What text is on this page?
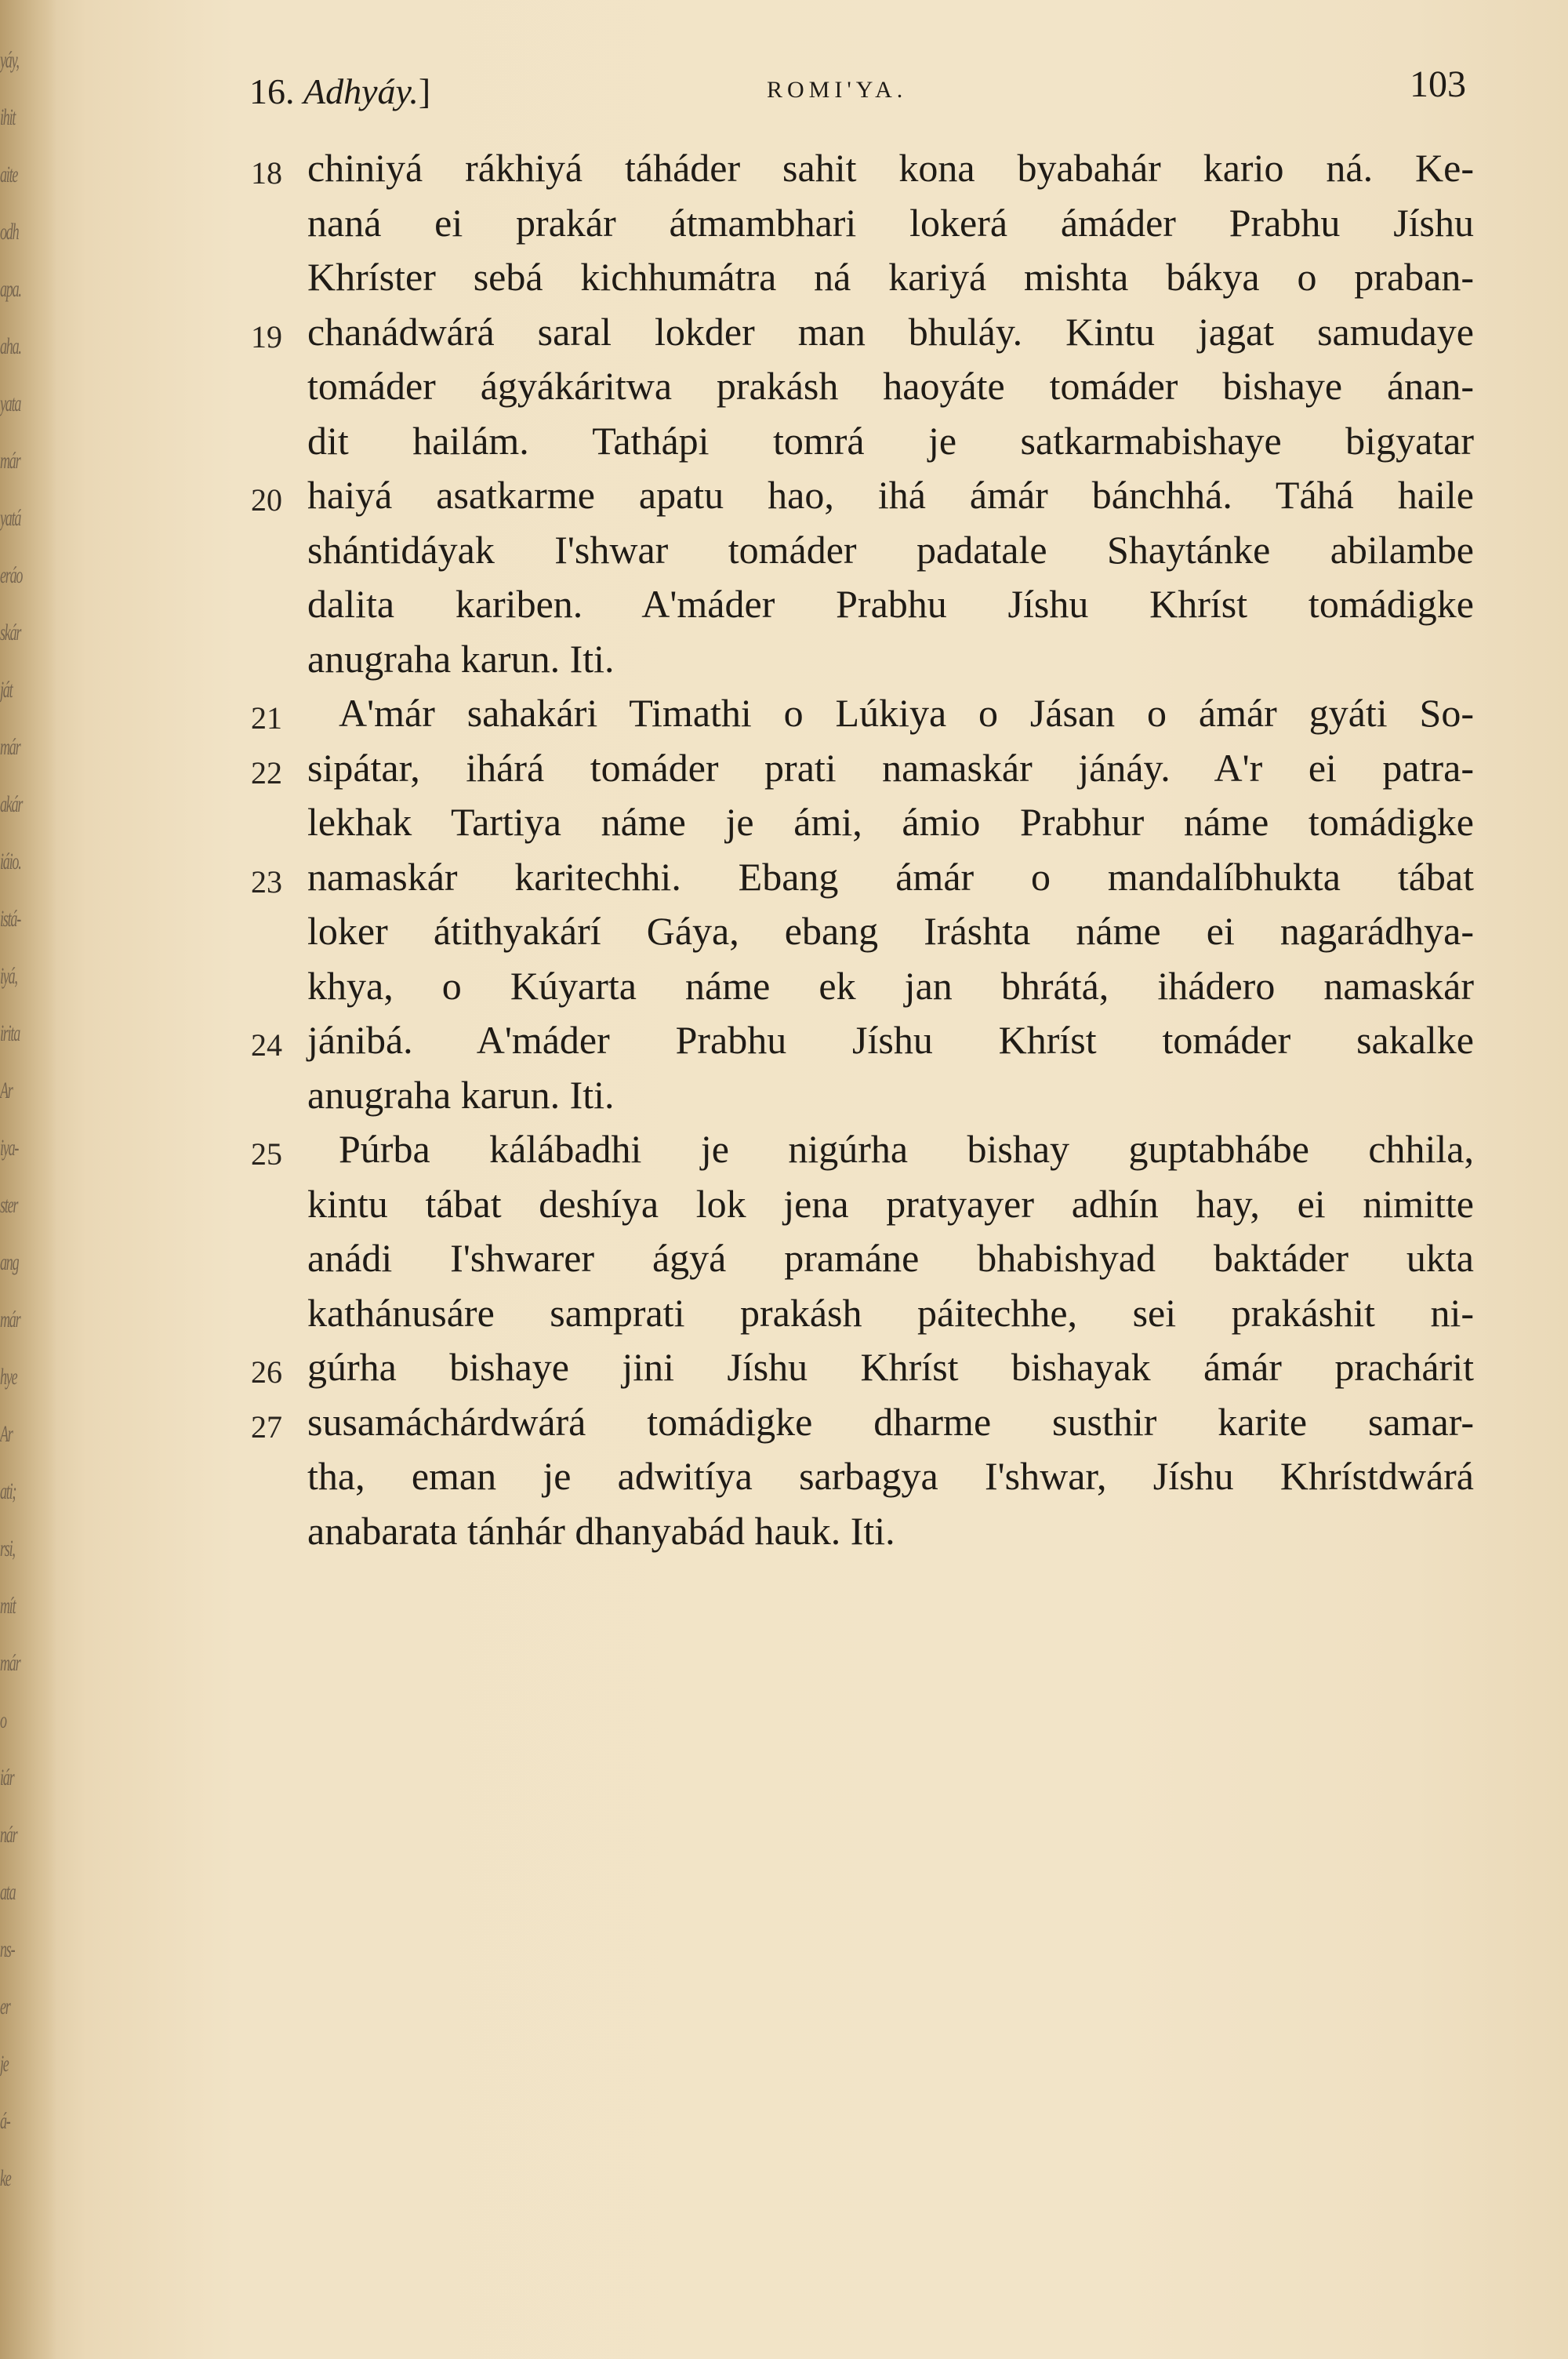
yáy,
ihit
aite
odh
apa.
aha.
yata
már
yatá
eráo
skár
ját
már
akár
iáio.
istá-
iyá,
irita
Ar
iya-
ster
ang
már
hye
Ar
ati;
rsi,
mít
már
o
iár
nár
ata
ns-
er
je
á-
ke
16. Adhyáy.]	ROMI'YA.	103
18 chiniyá rákhiyá táháder sahit kona byabahár kario ná. Ke-
naná ei prakár átmambhari lokerá ámáder Prabhu Jíshu
Khríster sebá kichhumátra ná kariyá mishta bákya o praban-
19 chanádwárá saral lokder man bhuláy. Kintu jagat samudaye
tomáder ágyákáritwa prakásh haoyáte tomáder bishaye ánan-
dit hailám. Tathápi tomrá je satkarmabishaye bigyatar
20 haiyá asatkarme apatu hao, ihá ámár bánchhá. Táhá haile
shántidáyak I'shwar tomáder padatale Shaytánke abilambe
dalita kariben. A'máder Prabhu Jíshu Khríst tomádigke
anugraha karun. Iti.
21	A'már sahakári Timathi o Lúkiya o Jásan o ámár gyáti So-
22 sipátar, ihárá tomáder prati namaskár jánáy. A'r ei patra-
lekhak Tartiya náme je ámi, ámio Prabhur náme tomádigke
23 namaskár karitechhi. Ebang ámár o mandalíbhukta tábat
loker átithyakárí Gáya, ebang Iráshta náme ei nagarádhya-
khya, o Kúyarta náme ek jan bhrátá, ihádero namaskár
24 jánibá. A'máder Prabhu Jíshu Khríst tomáder sakalke
anugraha karun. Iti.
25	Púrba kálábadhi je nigúrha bishay guptabhábe chhila,
kintu tábat deshíya lok jena pratyayer adhín hay, ei nimitte
anádi I'shwarer ágyá pramáne bhabishyad baktáder ukta
kathánusáre samprati prakásh páitechhe, sei prakáshit ni-
26 gúrha bishaye jini Jíshu Khríst bishayak ámár prachárit
27 susamáchárdwárá tomádigke dharme susthir karite samar-
tha, eman je adwitíya sarbagya I'shwar, Jíshu Khrístdwárá
anabarata tánhár dhanyabád hauk. Iti.
